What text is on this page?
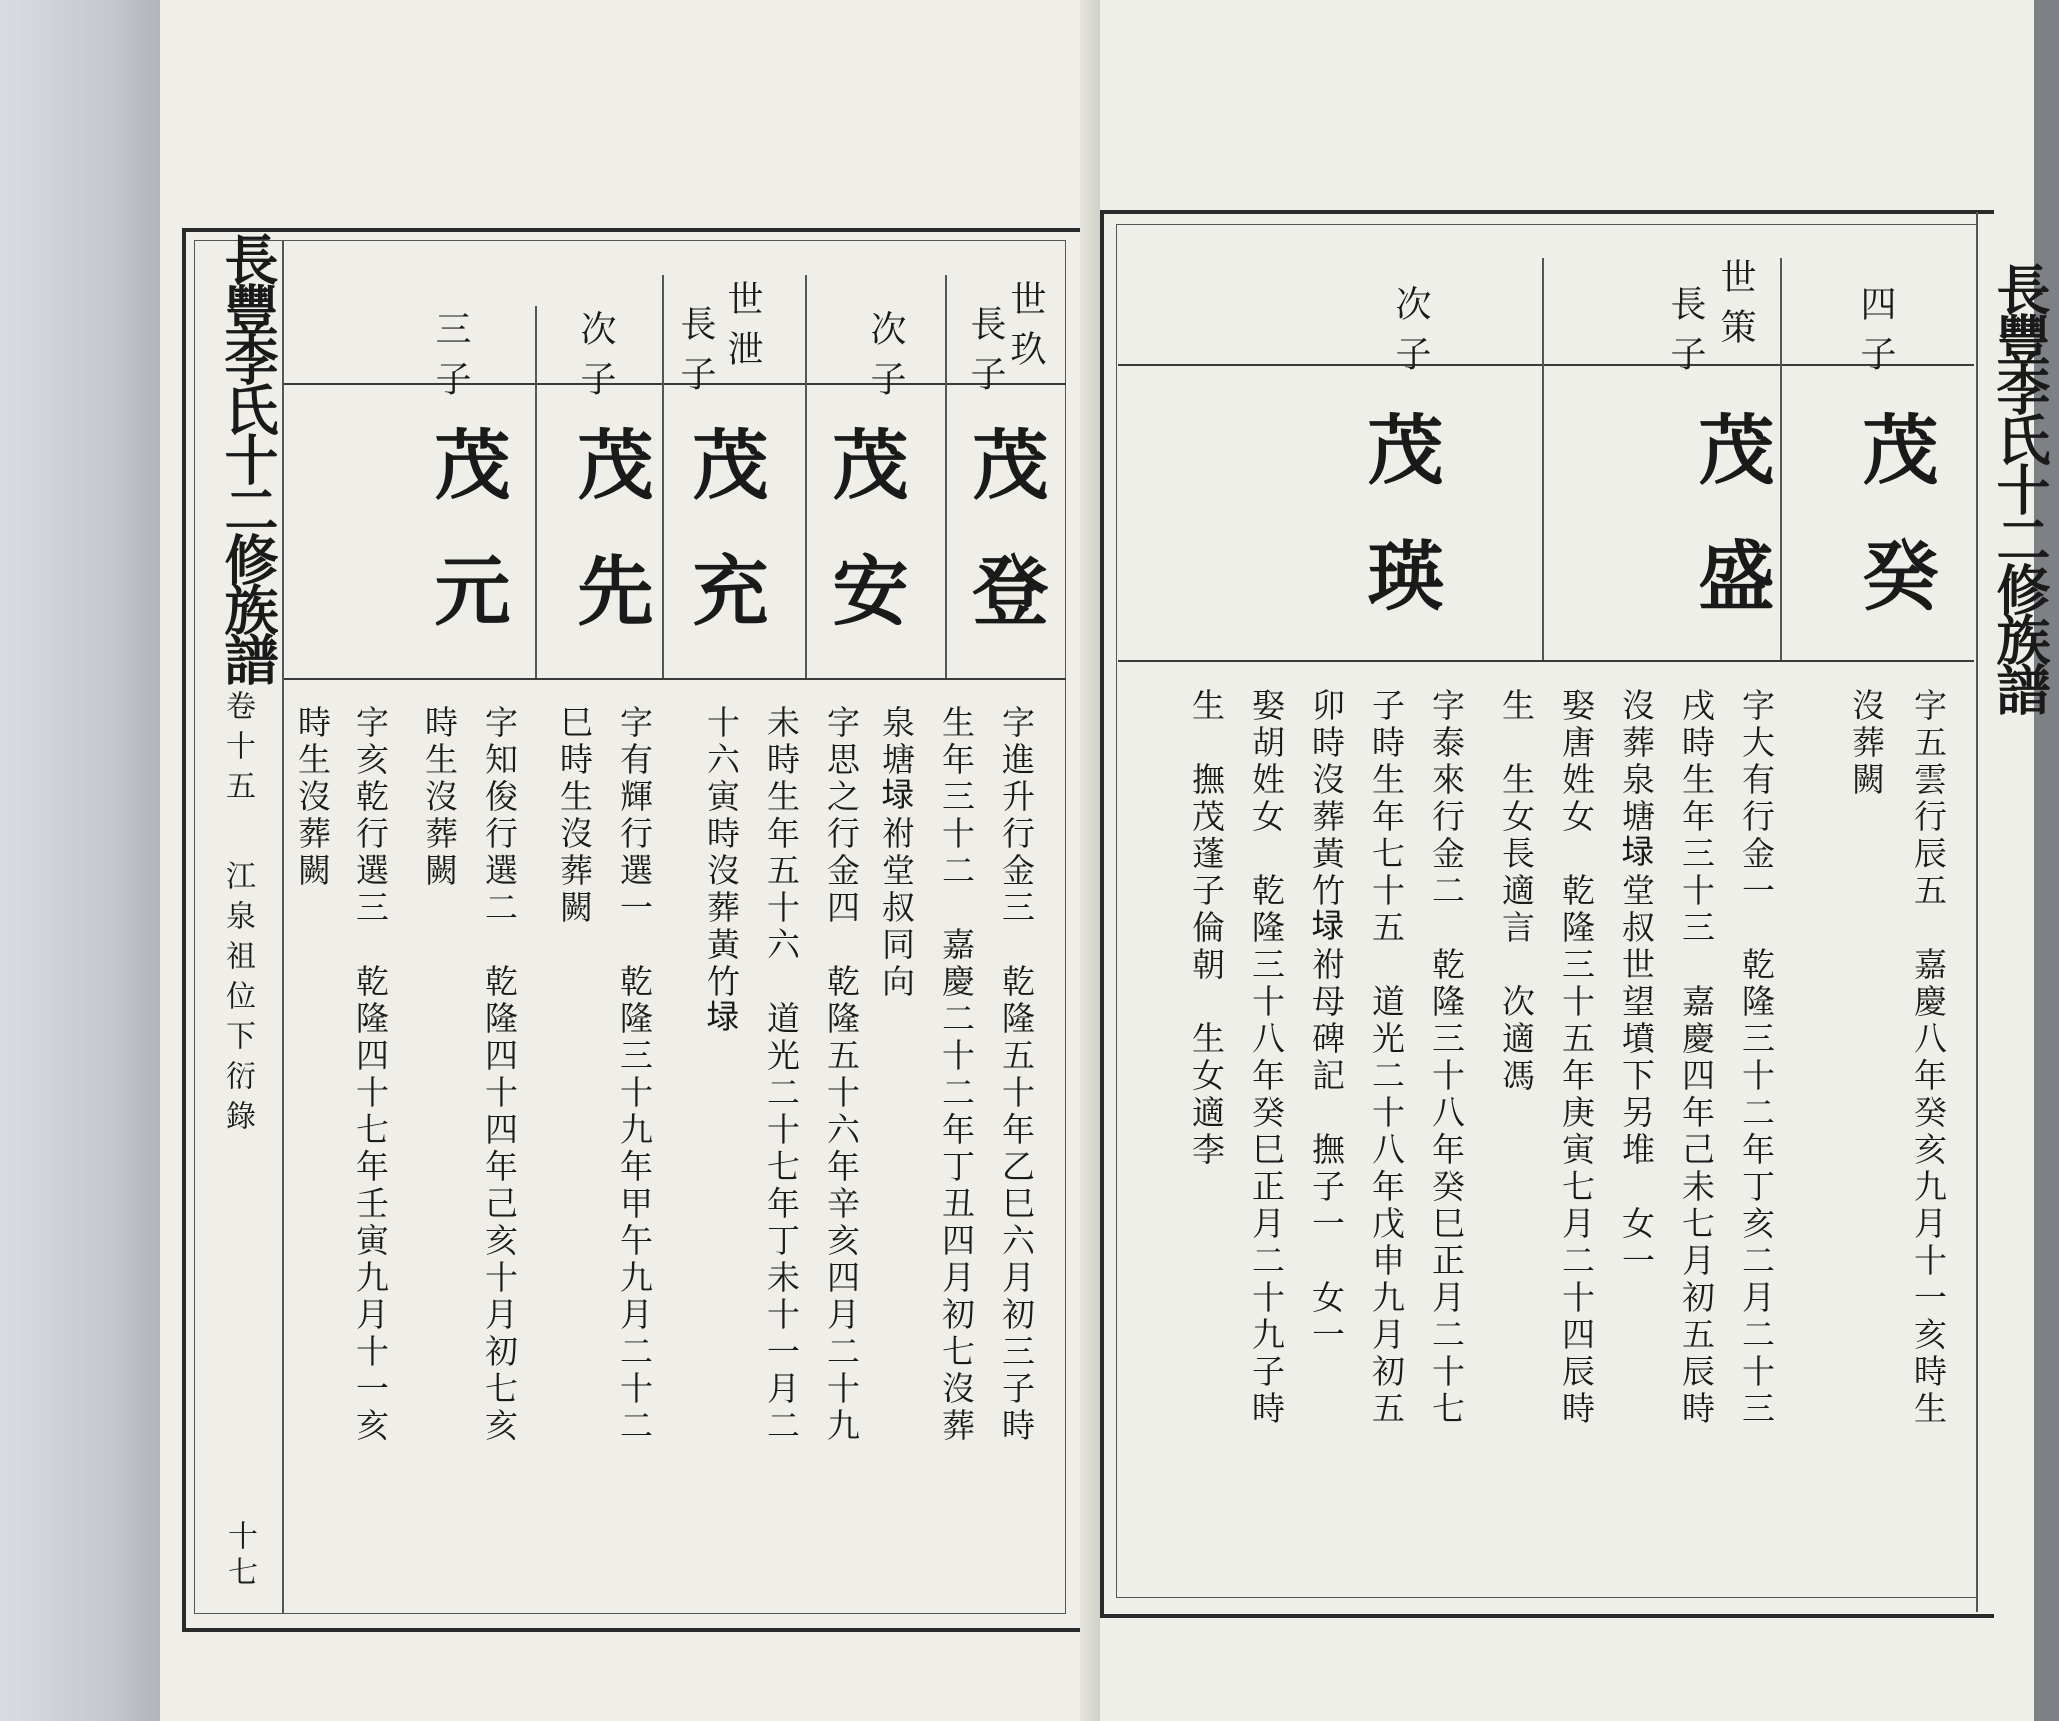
長豐李氏十二修族譜
卷十五
江泉祖位下衍錄
十七
世玖
長子
茂登
字進升行金三　乾隆五十年乙巳六月初三子時
生年三十二　嘉慶二十二年丁丑四月初七沒葬
泉塘𡍖祔堂叔同向
次子
茂安
字思之行金四　乾隆五十六年辛亥四月二十九
未時生年五十六　道光二十七年丁未十一月二
十六寅時沒葬黃竹𡍖
世泄
長子
茂充
字有輝行選一　乾隆三十九年甲午九月二十二
巳時生沒葬闕
次子
茂先
字知俊行選二　乾隆四十四年己亥十月初七亥
時生沒葬闕
三子
茂元
字亥乾行選三　乾隆四十七年壬寅九月十一亥
時生沒葬闕
長豐李氏十二修族譜
四子
茂癸
字五雲行辰五　嘉慶八年癸亥九月十一亥時生
沒葬闕
世策
長子
茂盛
字大有行金一　乾隆三十二年丁亥二月二十三
戌時生年三十三　嘉慶四年己未七月初五辰時
沒葬泉塘𡍖堂叔世望墳下另堆　女一
娶唐姓女　乾隆三十五年庚寅七月二十四辰時
生　生女長適言　次適馮
次子
茂瑛
字泰來行金二　乾隆三十八年癸巳正月二十七
子時生年七十五　道光二十八年戊申九月初五
卯時沒葬黃竹𡍖祔母碑記　撫子一　女一
娶胡姓女　乾隆三十八年癸巳正月二十九子時
生　撫茂蓬子倫朝　生女適李
